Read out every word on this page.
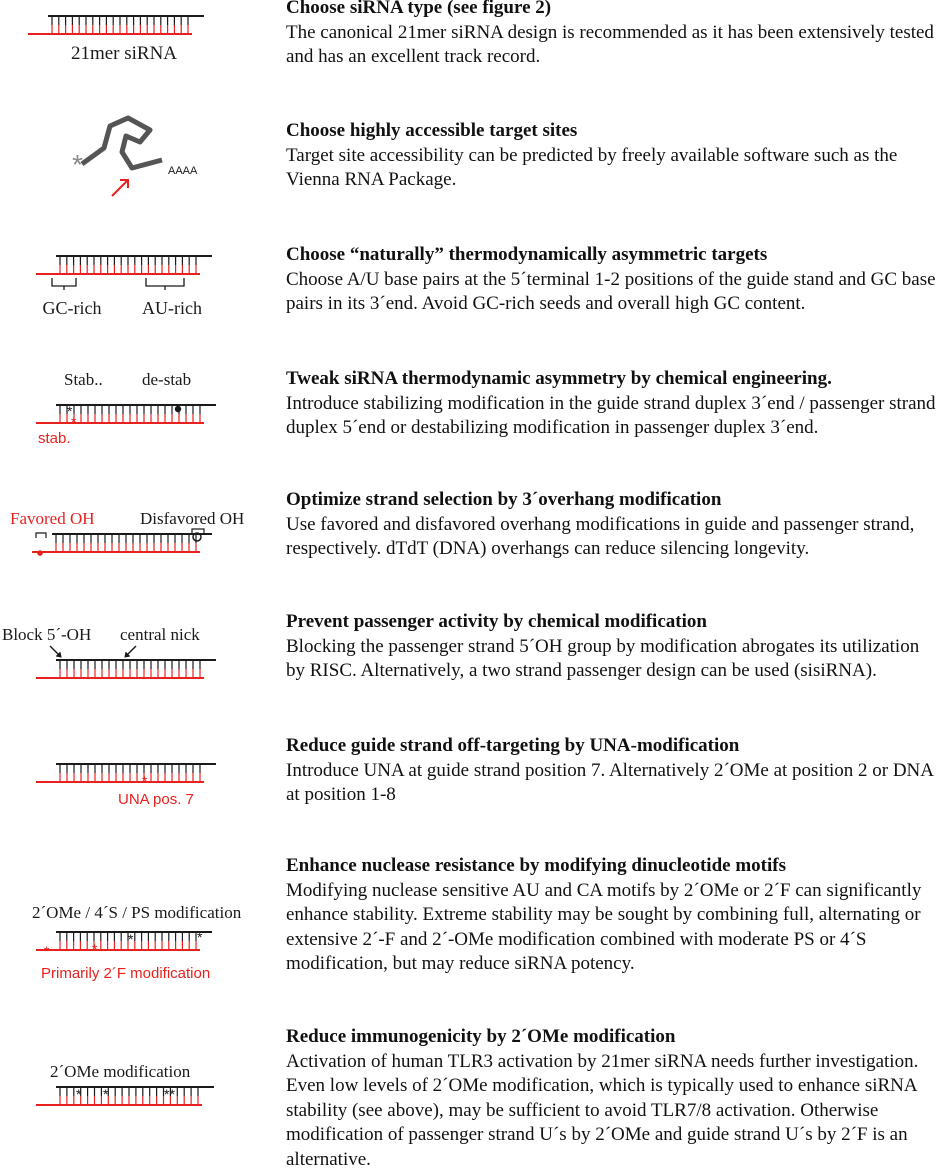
21mer siRNA
Choose siRNA type (see figure 2)

The canonical 21mer siRNA design is recommended as it has been extensively tested and has an excellent track record.

*	AAAA
Choose highly accessible target sites

Target site accessibility can be predicted by freely available software such as the Vienna RNA Package.

GC-rich AU-rich
Choose “naturally” thermodynamically asymmetric targets

Choose A/U base pairs at the 5´terminal 1-2 positions of the guide stand and GC base pairs in its 3´end. Avoid GC-rich seeds and overall high GC content.

Stab.. de-stab
*
*
stab.
Tweak siRNA thermodynamic asymmetry by chemical engineering.

Introduce stabilizing modification in the guide strand duplex 3´end / passenger strand duplex 5´end or destabilizing modification in passenger duplex 3´end.

Favored OH	Disfavored OH
Optimize strand selection by 3´overhang modification

Use favored and disfavored overhang modifications in guide and passenger strand, respectively. dTdT (DNA) overhangs can reduce silencing longevity.

Block 5´-OH central nick
Prevent passenger activity by chemical modification

Blocking the passenger strand 5´OH group by modification abrogates its utilization by RISC. Alternatively, a two strand passenger design can be used (sisiRNA).

*
UNA pos. 7
Reduce guide strand off-targeting by UNA-modification

Introduce UNA at guide strand position 7. Alternatively 2´OMe at position 2 or DNA at position 1-8

2´OMe / 4´S / PS modification
*	*
*	*
Primarily 2´F modification
Enhance nuclease resistance by modifying dinucleotide motifs

Modifying nuclease sensitive AU and CA motifs by 2´OMe or 2´F can significantly enhance stability. Extreme stability may be sought by combining full, alternating or extensive 2´-F and 2´-OMe modification combined with moderate PS or 4´S modification, but may reduce siRNA potency.

2´OMe modification
* *	**
Reduce immunogenicity by 2´OMe modification

Activation of human TLR3 activation by 21mer siRNA needs further investigation. Even low levels of 2´OMe modification, which is typically used to enhance siRNA stability (see above), may be sufficient to avoid TLR7/8 activation. Otherwise modification of passenger strand U´s by 2´OMe and guide strand U´s by 2´F is an alternative.
